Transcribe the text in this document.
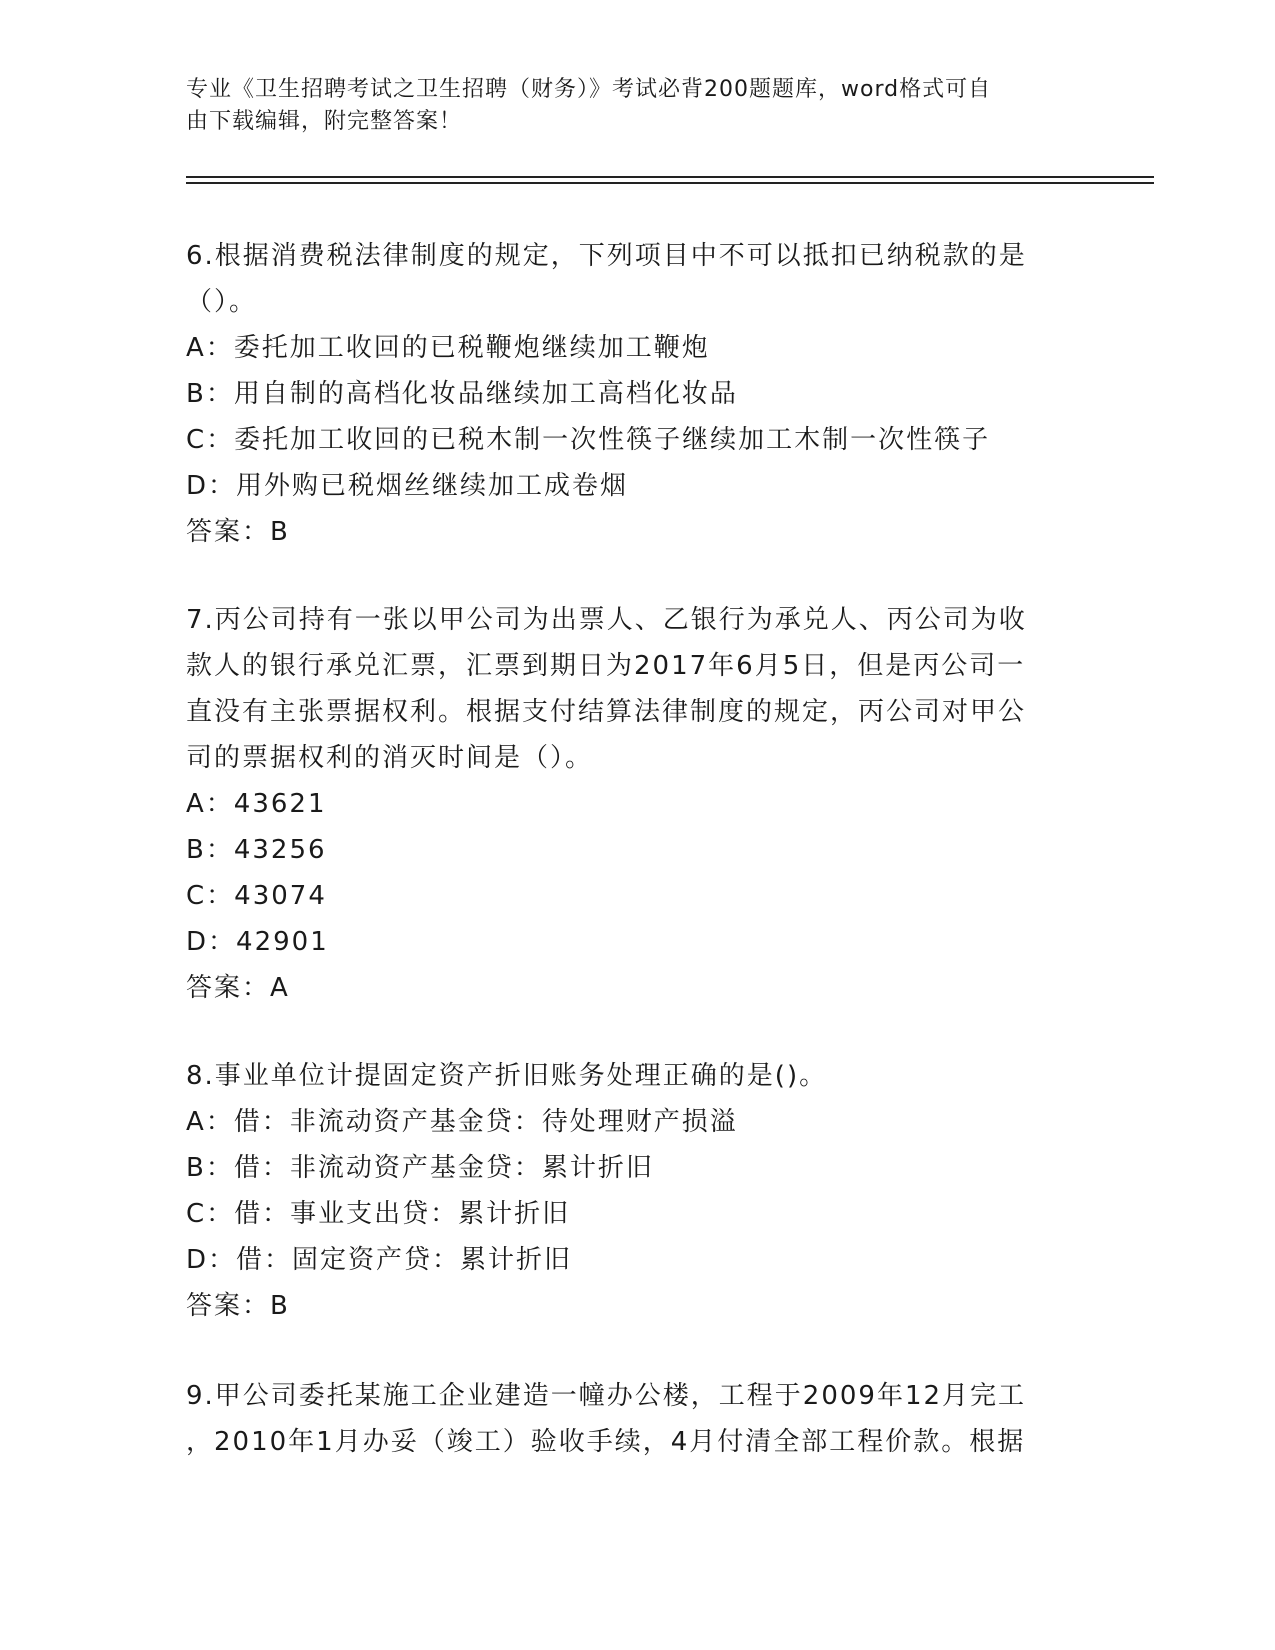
专业《卫生招聘考试之卫生招聘（财务）》考试必背200题题库，word格式可自
由下载编辑，附完整答案！

6.根据消费税法律制度的规定，下列项目中不可以抵扣已纳税款的是

（）。

A：委托加工收回的已税鞭炮继续加工鞭炮

B：用自制的高档化妆品继续加工高档化妆品

C：委托加工收回的已税木制一次性筷子继续加工木制一次性筷子

D：用外购已税烟丝继续加工成卷烟

答案：B

7.丙公司持有一张以甲公司为出票人、乙银行为承兑人、丙公司为收

款人的银行承兑汇票，汇票到期日为2017年6月5日，但是丙公司一

直没有主张票据权利。根据支付结算法律制度的规定，丙公司对甲公

司的票据权利的消灭时间是（）。

A：43621

B：43256

C：43074

D：42901

答案：A

8.事业单位计提固定资产折旧账务处理正确的是()。

A：借：非流动资产基金贷：待处理财产损溢

B：借：非流动资产基金贷：累计折旧

C：借：事业支出贷：累计折旧

D：借：固定资产贷：累计折旧

答案：B

9.甲公司委托某施工企业建造一幢办公楼，工程于2009年12月完工

，2010年1月办妥（竣工）验收手续，4月付清全部工程价款。根据
